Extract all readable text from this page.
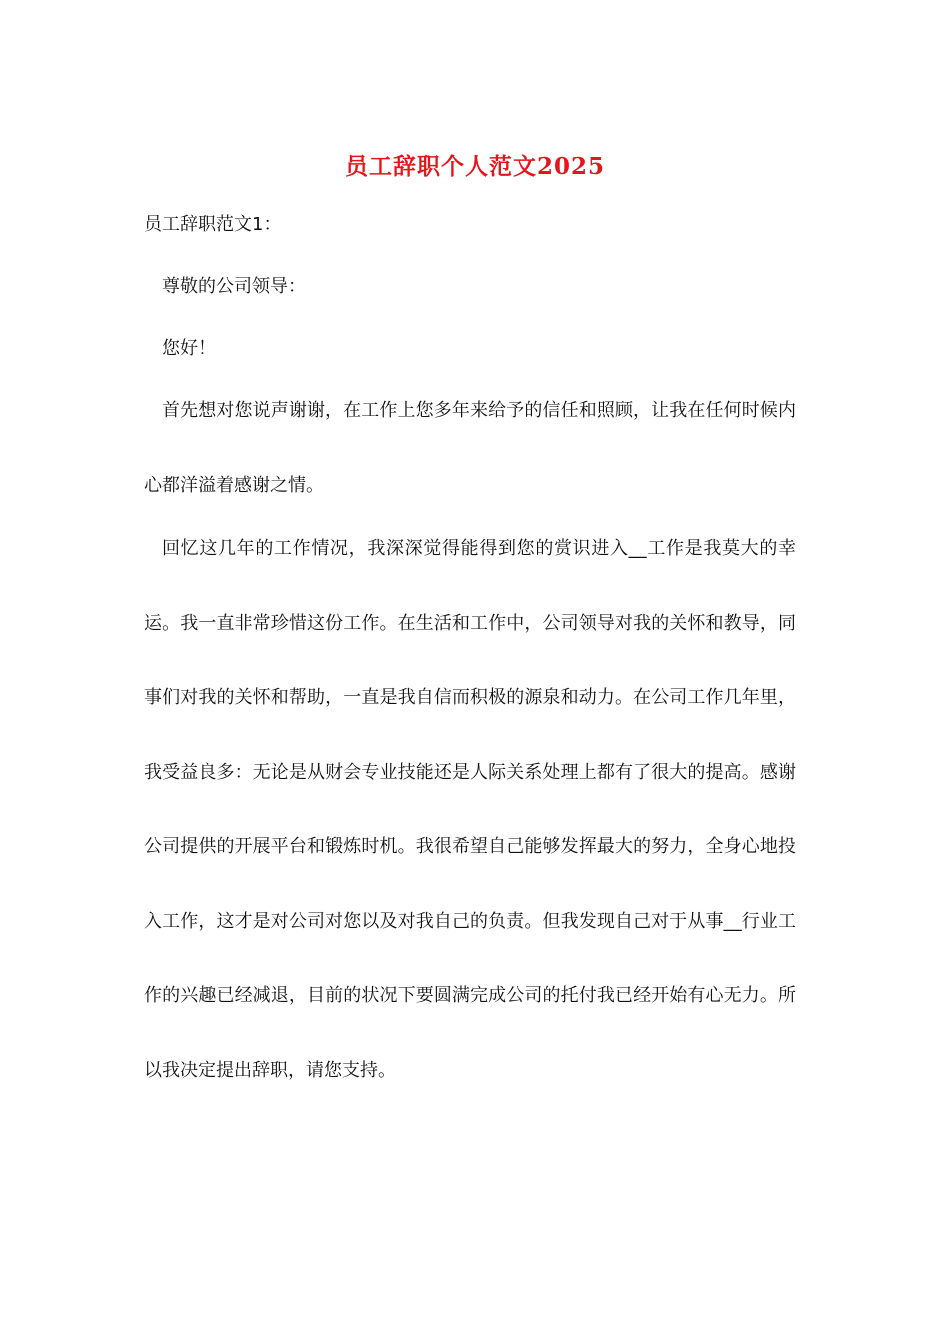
员工辞职个人范文2025
员工辞职范文1：
尊敬的公司领导：
您好！
首先想对您说声谢谢，在工作上您多年来给予的信任和照顾，让我在任何时候内心都洋溢着感谢之情。
回忆这几年的工作情况，我深深觉得能得到您的赏识进入__工作是我莫大的幸运。我一直非常珍惜这份工作。在生活和工作中，公司领导对我的关怀和教导，同事们对我的关怀和帮助，一直是我自信而积极的源泉和动力。在公司工作几年里，我受益良多：无论是从财会专业技能还是人际关系处理上都有了很大的提高。感谢公司提供的开展平台和锻炼时机。我很希望自己能够发挥最大的努力，全身心地投入工作，这才是对公司对您以及对我自己的负责。但我发现自己对于从事__行业工作的兴趣已经减退，目前的状况下要圆满完成公司的托付我已经开始有心无力。所以我决定提出辞职，请您支持。
